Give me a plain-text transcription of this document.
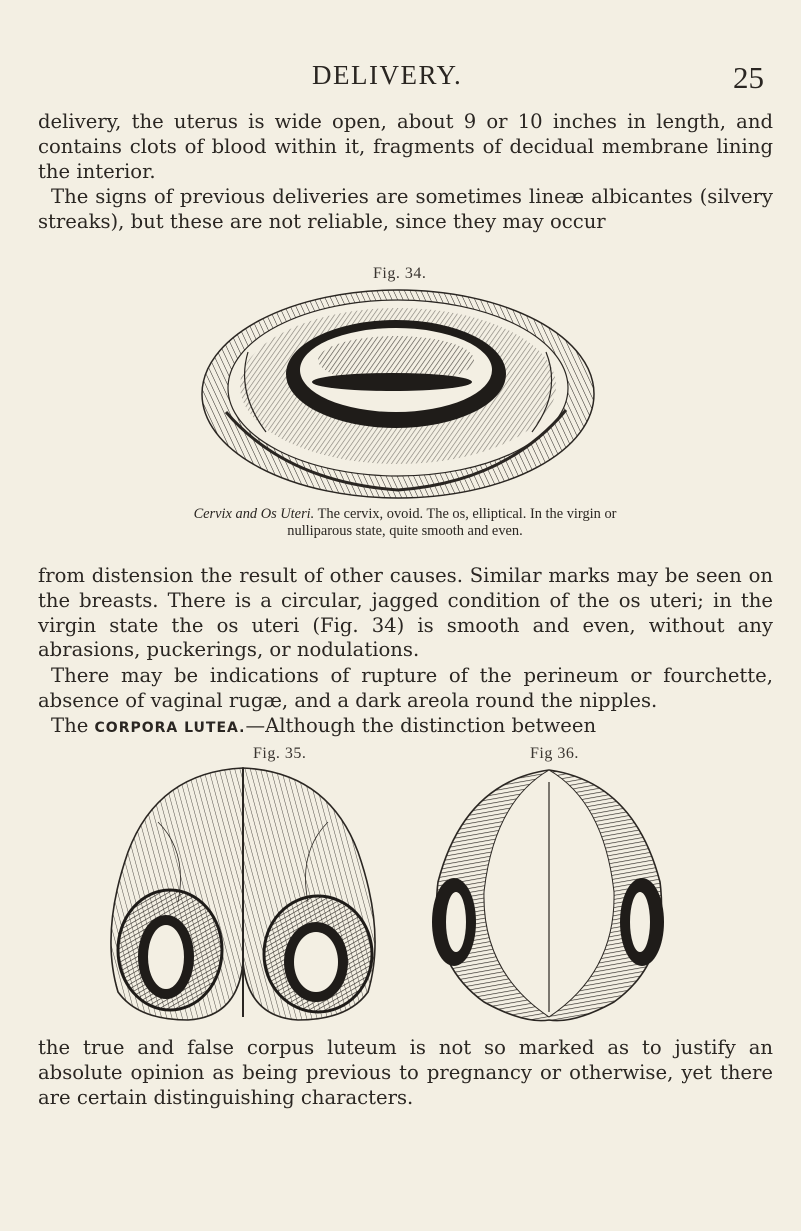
DELIVERY.	25

delivery, the uterus is wide open, about 9 or 10 inches in length, and contains clots of blood within it, fragments of decidual membrane lining the interior.

The signs of previous deliveries are sometimes lineæ albicantes (silvery streaks), but these are not reliable, since they may occur

Fig. 34.
Cervix and Os Uteri. The cervix, ovoid. The os, elliptical. In the virgin or nulliparous state, quite smooth and even.

from distension the result of other causes. Similar marks may be seen on the breasts. There is a circular, jagged condition of the os uteri; in the virgin state the os uteri (Fig. 34) is smooth and even, without any abrasions, puckerings, or nodulations.

There may be indications of rupture of the perineum or fourchette, absence of vaginal rugæ, and a dark areola round the nipples.

The CORPORA LUTEA.—Although the distinction between

Fig. 35.	Fig 36.

the true and false corpus luteum is not so marked as to justify an absolute opinion as being previous to pregnancy or otherwise, yet there are certain distinguishing characters.
